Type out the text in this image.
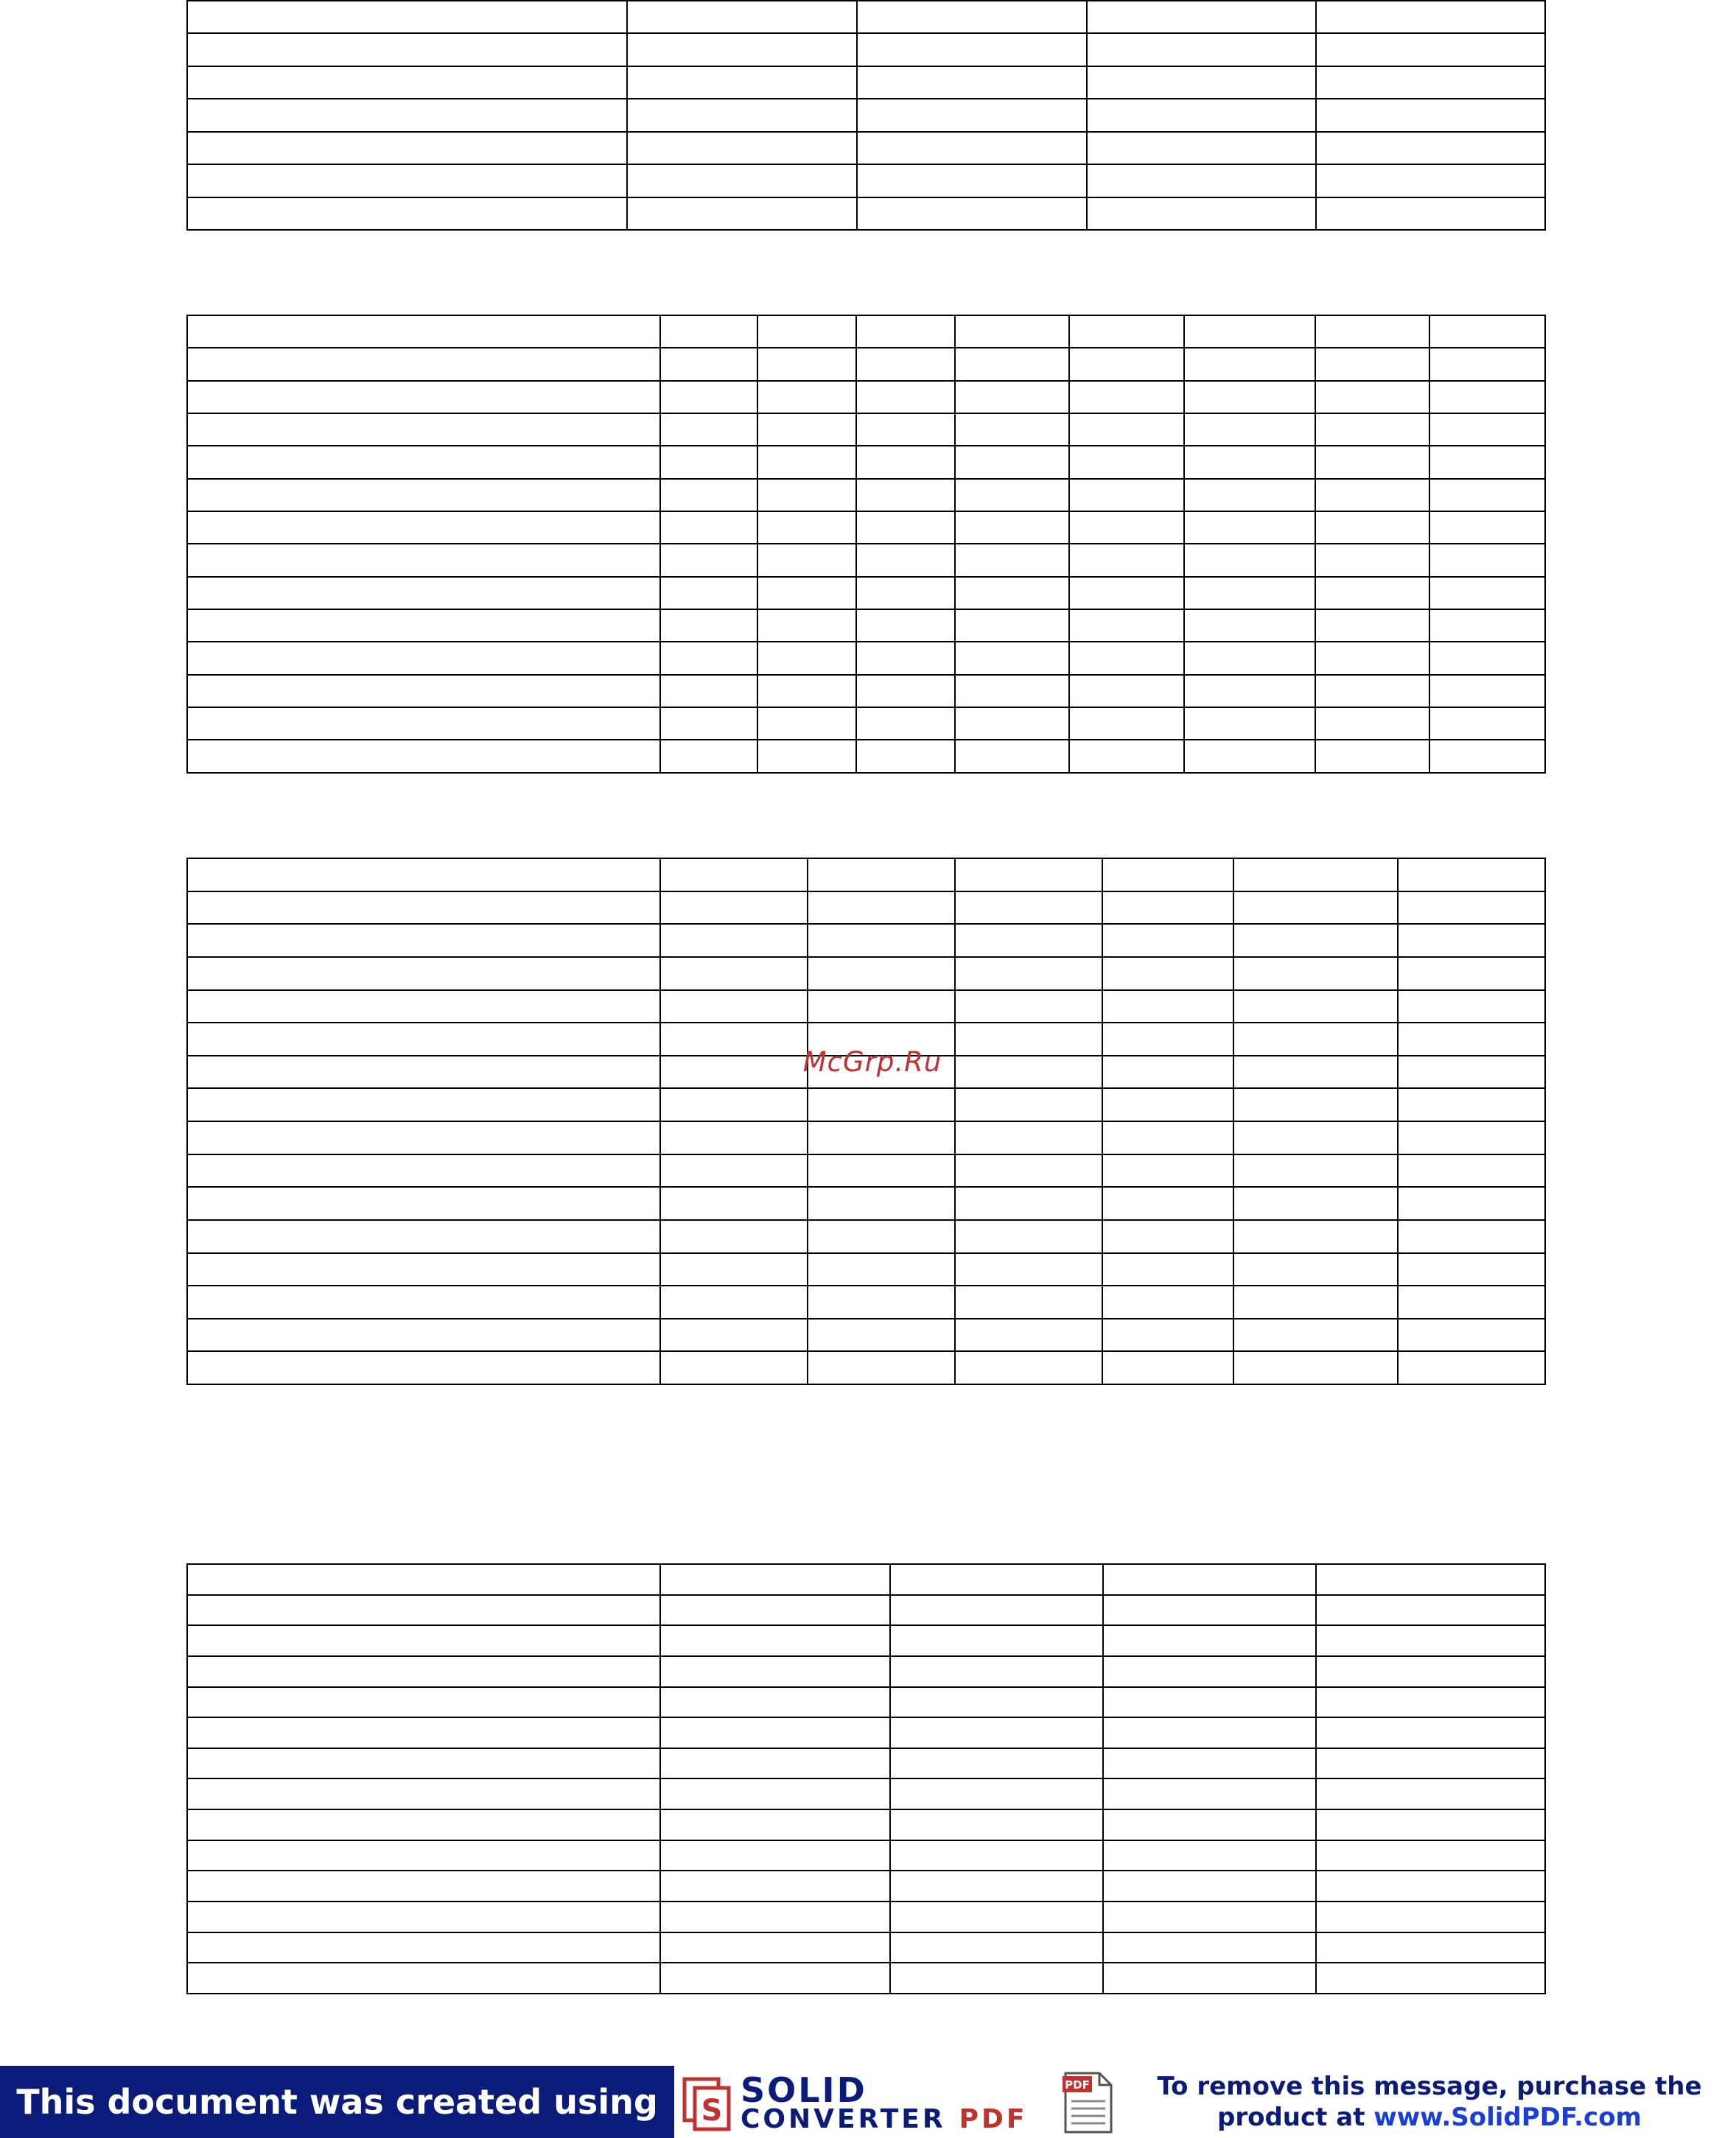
McGrp.Ru
This document was created using	S
SOLID
CONVERTER PDF
PDF	To remove this message, purchase the
product at www.SolidPDF.com
